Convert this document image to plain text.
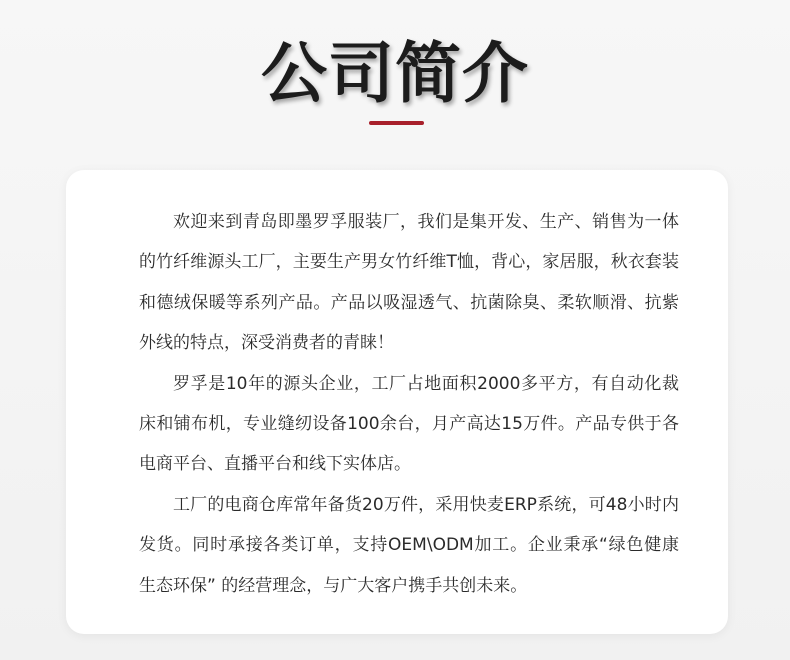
公司简介

欢迎来到青岛即墨罗孚服装厂，我们是集开发、生产、销售为一体的竹纤维源头工厂，主要生产男女竹纤维T恤，背心，家居服，秋衣套装和德绒保暖等系列产品。产品以吸湿透气、抗菌除臭、柔软顺滑、抗紫外线的特点，深受消费者的青睐！

罗孚是10年的源头企业，工厂占地面积2000多平方，有自动化裁床和铺布机，专业缝纫设备100余台，月产高达15万件。产品专供于各电商平台、直播平台和线下实体店。

工厂的电商仓库常年备货20万件，采用快麦ERP系统，可48小时内发货。同时承接各类订单，支持OEM\ODM加工。企业秉承“绿色健康 生态环保” 的经营理念，与广大客户携手共创未来。
